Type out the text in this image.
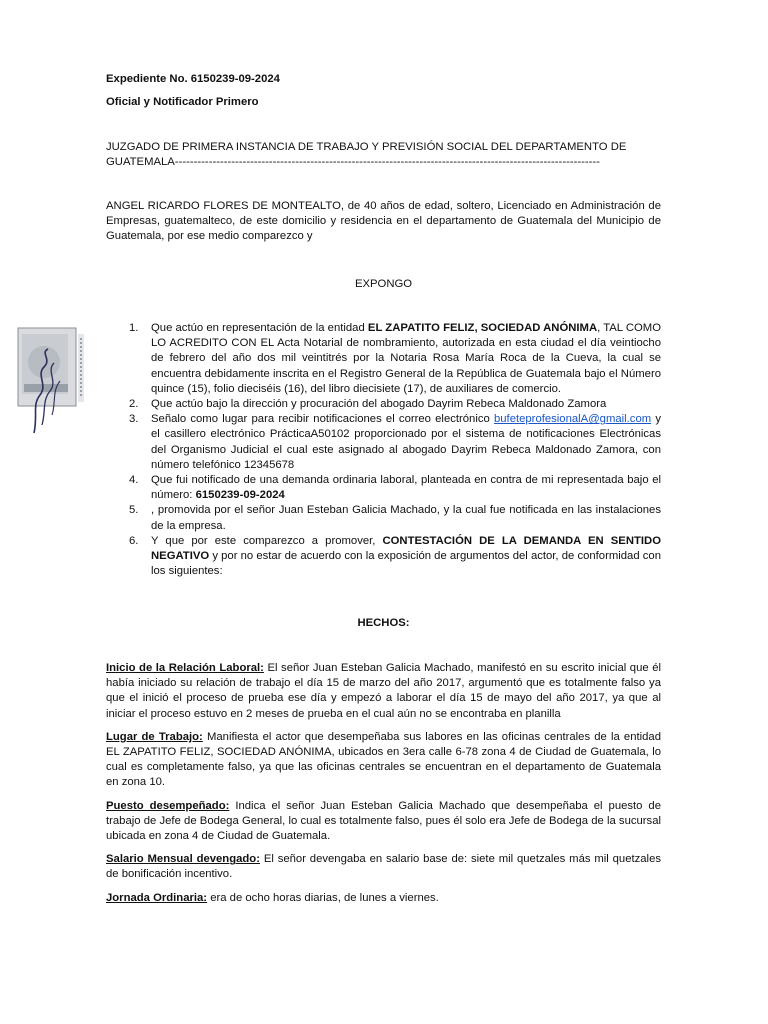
Expediente No. 6150239-09-2024
Oficial y Notificador Primero
JUZGADO DE PRIMERA INSTANCIA DE TRABAJO Y PREVISIÓN SOCIAL DEL DEPARTAMENTO DE
GUATEMALA-----------------------------------------------------------------------------------------------------------------
ANGEL RICARDO FLORES DE MONTEALTO, de 40 años de edad, soltero, Licenciado en Administración de Empresas, guatemalteco, de este domicilio y residencia en el departamento de Guatemala del Municipio de Guatemala, por ese medio comparezco y
EXPONGO
1. Que actúo en representación de la entidad EL ZAPATITO FELIZ, SOCIEDAD ANÓNIMA, TAL COMO LO ACREDITO CON EL Acta Notarial de nombramiento, autorizada en esta ciudad el día veintiocho de febrero del año dos mil veintitrés por la Notaria Rosa María Roca de la Cueva, la cual se encuentra debidamente inscrita en el Registro General de la República de Guatemala bajo el Número quince (15), folio dieciséis (16), del libro diecisiete (17), de auxiliares de comercio.
2. Que actúo bajo la dirección y procuración del abogado Dayrim Rebeca Maldonado Zamora
3. Señalo como lugar para recibir notificaciones el correo electrónico bufeteprofesionalA@gmail.com y el casillero electrónico PrácticaA50102 proporcionado por el sistema de notificaciones Electrónicas del Organismo Judicial el cual este asignado al abogado Dayrim Rebeca Maldonado Zamora, con número telefónico 12345678
4. Que fui notificado de una demanda ordinaria laboral, planteada en contra de mi representada bajo el número: 6150239-09-2024
5. , promovida por el señor Juan Esteban Galicia Machado, y la cual fue notificada en las instalaciones de la empresa.
6. Y que por este comparezco a promover, CONTESTACIÓN DE LA DEMANDA EN SENTIDO NEGATIVO y por no estar de acuerdo con la exposición de argumentos del actor, de conformidad con los siguientes:
HECHOS:

Inicio de la Relación Laboral: El señor Juan Esteban Galicia Machado, manifestó en su escrito inicial que él había iniciado su relación de trabajo el día 15 de marzo del año 2017, argumentó que es totalmente falso ya que el inició el proceso de prueba ese día y empezó a laborar el día 15 de mayo del año 2017, ya que al iniciar el proceso estuvo en 2 meses de prueba en el cual aún no se encontraba en planilla

Lugar de Trabajo: Manifiesta el actor que desempeñaba sus labores en las oficinas centrales de la entidad EL ZAPATITO FELIZ, SOCIEDAD ANÓNIMA, ubicados en 3era calle 6-78 zona 4 de Ciudad de Guatemala, lo cual es completamente falso, ya que las oficinas centrales se encuentran en el departamento de Guatemala en zona 10.

Puesto desempeñado: Indica el señor Juan Esteban Galicia Machado que desempeñaba el puesto de trabajo de Jefe de Bodega General, lo cual es totalmente falso, pues él solo era Jefe de Bodega de la sucursal ubicada en zona 4 de Ciudad de Guatemala.

Salario Mensual devengado: El señor devengaba en salario base de: siete mil quetzales más mil quetzales de bonificación incentivo.

Jornada Ordinaria: era de ocho horas diarias, de lunes a viernes.
